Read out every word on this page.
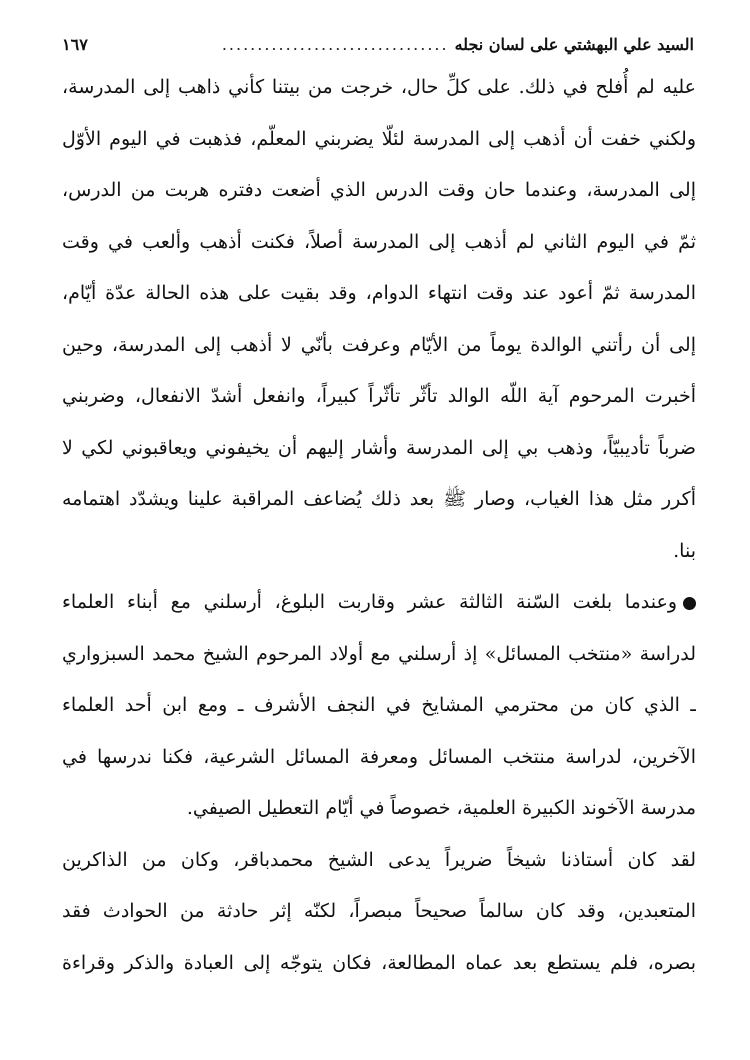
السيد علي البهشتي على لسان نجله
................................
١٦٧
عليه لم أُفلح في ذلك. على كلِّ حال، خرجت من بيتنا كأني ذاهب إلى المدرسة،
ولكني خفت أن أذهب إلى المدرسة لئلّا يضربني المعلّم، فذهبت في اليوم الأوّل
إلى المدرسة، وعندما حان وقت الدرس الذي أضعت دفتره هربت من الدرس،
ثمّ في اليوم الثاني لم أذهب إلى المدرسة أصلاً، فكنت أذهب وألعب في وقت
المدرسة ثمّ أعود عند وقت انتهاء الدوام، وقد بقيت على هذه الحالة عدّة أيّام،
إلى أن رأتني الوالدة يوماً من الأيّام وعرفت بأنّي لا أذهب إلى المدرسة، وحين
أخبرت المرحوم آية اللّه الوالد تأثّر تأثّراً كبيراً، وانفعل أشدّ الانفعال، وضربني
ضرباً تأديبيّاً، وذهب بي إلى المدرسة وأشار إليهم أن يخيفوني ويعاقبوني لكي لا
أكرر مثل هذا الغياب، وصار ﷺ بعد ذلك يُضاعف المراقبة علينا ويشدّد اهتمامه
بنا.
وعندما بلغت السّنة الثالثة عشر وقاربت البلوغ، أرسلني مع أبناء العلماء
لدراسة «منتخب المسائل» إذ أرسلني مع أولاد المرحوم الشيخ محمد السبزواري
ـ الذي كان من محترمي المشايخ في النجف الأشرف ـ ومع ابن أحد العلماء
الآخرين، لدراسة منتخب المسائل ومعرفة المسائل الشرعية، فكنا ندرسها في
مدرسة الآخوند الكبيرة العلمية، خصوصاً في أيّام التعطيل الصيفي.
لقد كان أستاذنا شيخاً ضريراً يدعى الشيخ محمدباقر، وكان من الذاكرين
المتعبدين، وقد كان سالماً صحيحاً مبصراً، لكنّه إثر حادثة من الحوادث فقد
بصره، فلم يستطع بعد عماه المطالعة، فكان يتوجّه إلى العبادة والذكر وقراءة
